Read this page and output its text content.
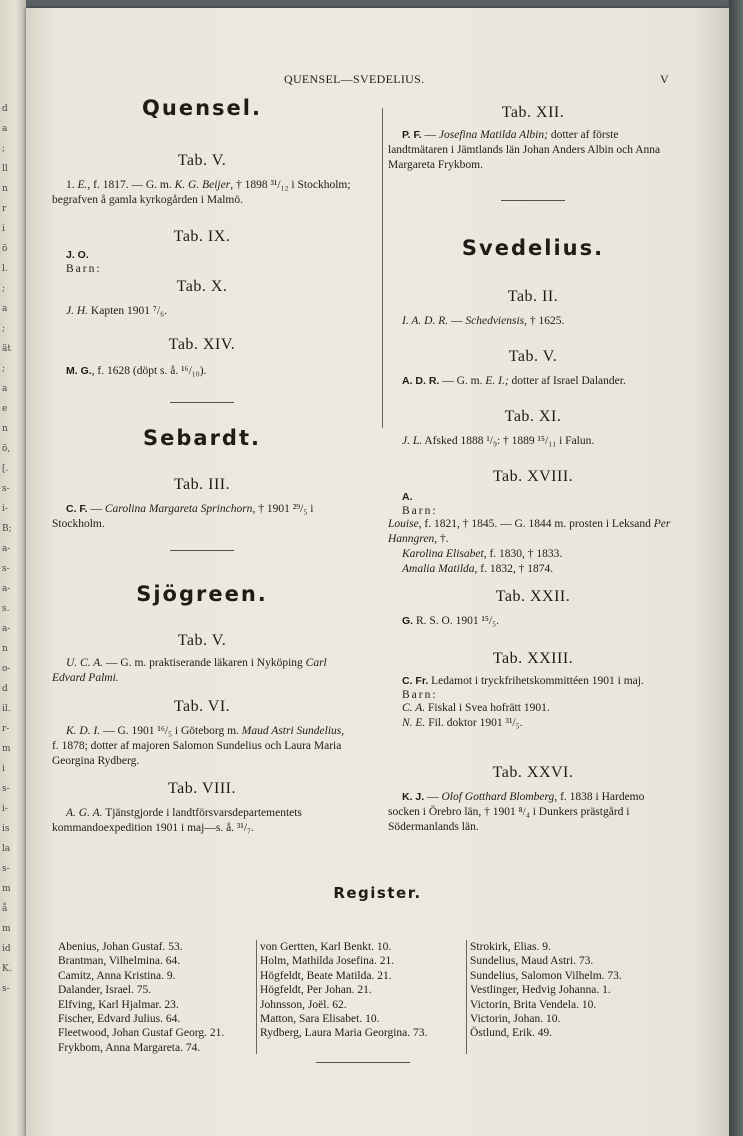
d
a
;
ll
n
r
i
ö
l.
;
a
;
ät
;
a
e
n
ö,
[.
s-
i-
B;
a-
s-
a-
s.
a-
n
o-
d
il.
r-
m
i
s-
i-
is
la
s-
m
å
m
id
K.
s-
QUENSEL—SVEDELIUS.	V
Quensel.

Tab. V.

1. E., f. 1817. — G. m. K. G. Beijer, † 1898 ³¹/₁₂ i Stockholm; begrafven å gamla kyrkogården i Malmö.

Tab. IX.

J. O.

Barn:

Tab. X.

J. H. Kapten 1901 ⁷/₆.

Tab. XIV.

M. G., f. 1628 (döpt s. å. ¹⁶/₁₀).

Sebardt.

Tab. III.

C. F. — Carolina Margareta Sprinchorn, † 1901 ²⁹/₅ i Stockholm.

Sjögreen.

Tab. V.

U. C. A. — G. m. praktiserande läkaren i Nyköping Carl Edvard Palmi.

Tab. VI.

K. D. I. — G. 1901 ¹⁶/₅ i Göteborg m. Maud Astri Sundelius, f. 1878; dotter af majoren Salomon Sundelius och Laura Maria Georgina Rydberg.

Tab. VIII.

A. G. A. Tjänstgjorde i landtförsvarsdepartementets kommandoexpedition 1901 i maj—s. å. ³¹/₇.

Tab. XII.

P. F. — Josefina Matilda Albin; dotter af förste landtmätaren i Jämtlands län Johan Anders Albin och Anna Margareta Frykbom.

Svedelius.

Tab. II.

I. A. D. R. — Schedviensis, † 1625.

Tab. V.

A. D. R. — G. m. E. I.; dotter af Israel Dalander.

Tab. XI.

J. L. Afsked 1888 ¹/₉: † 1889 ¹⁵/₁₁ i Falun.

Tab. XVIII.

A.

Barn:

Louise, f. 1821, † 1845. — G. 1844 m. prosten i Leksand Per Hanngren, †.

Karolina Elisabet, f. 1830, † 1833.

Amalia Matilda, f. 1832, † 1874.

Tab. XXII.

G. R. S. O. 1901 ¹⁵/₅.

Tab. XXIII.

C. Fr. Ledamot i tryckfrihetskommittéen 1901 i maj.

Barn:

C. A. Fiskal i Svea hofrätt 1901.

N. E. Fil. doktor 1901 ³¹/₅.

Tab. XXVI.

K. J. — Olof Gotthard Blomberg, f. 1838 i Hardemo socken i Örebro län, † 1901 ⁸/₄ i Dunkers prästgård i Södermanlands län.

Register.
Abenius, Johan Gustaf. 53.
Brantman, Vilhelmina. 64.
Camitz, Anna Kristina. 9.
Dalander, Israel. 75.
Elfving, Karl Hjalmar. 23.
Fischer, Edvard Julius. 64.
Fleetwood, Johan Gustaf Georg. 21.
Frykbom, Anna Margareta. 74.
von Gertten, Karl Benkt. 10.
Holm, Mathilda Josefina. 21.
Högfeldt, Beate Matilda. 21.
Högfeldt, Per Johan. 21.
Johnsson, Joël. 62.
Matton, Sara Elisabet. 10.
Rydberg, Laura Maria Georgina. 73.
Strokirk, Elias. 9.
Sundelius, Maud Astri. 73.
Sundelius, Salomon Vilhelm. 73.
Vestlinger, Hedvig Johanna. 1.
Victorin, Brita Vendela. 10.
Victorin, Johan. 10.
Östlund, Erik. 49.
